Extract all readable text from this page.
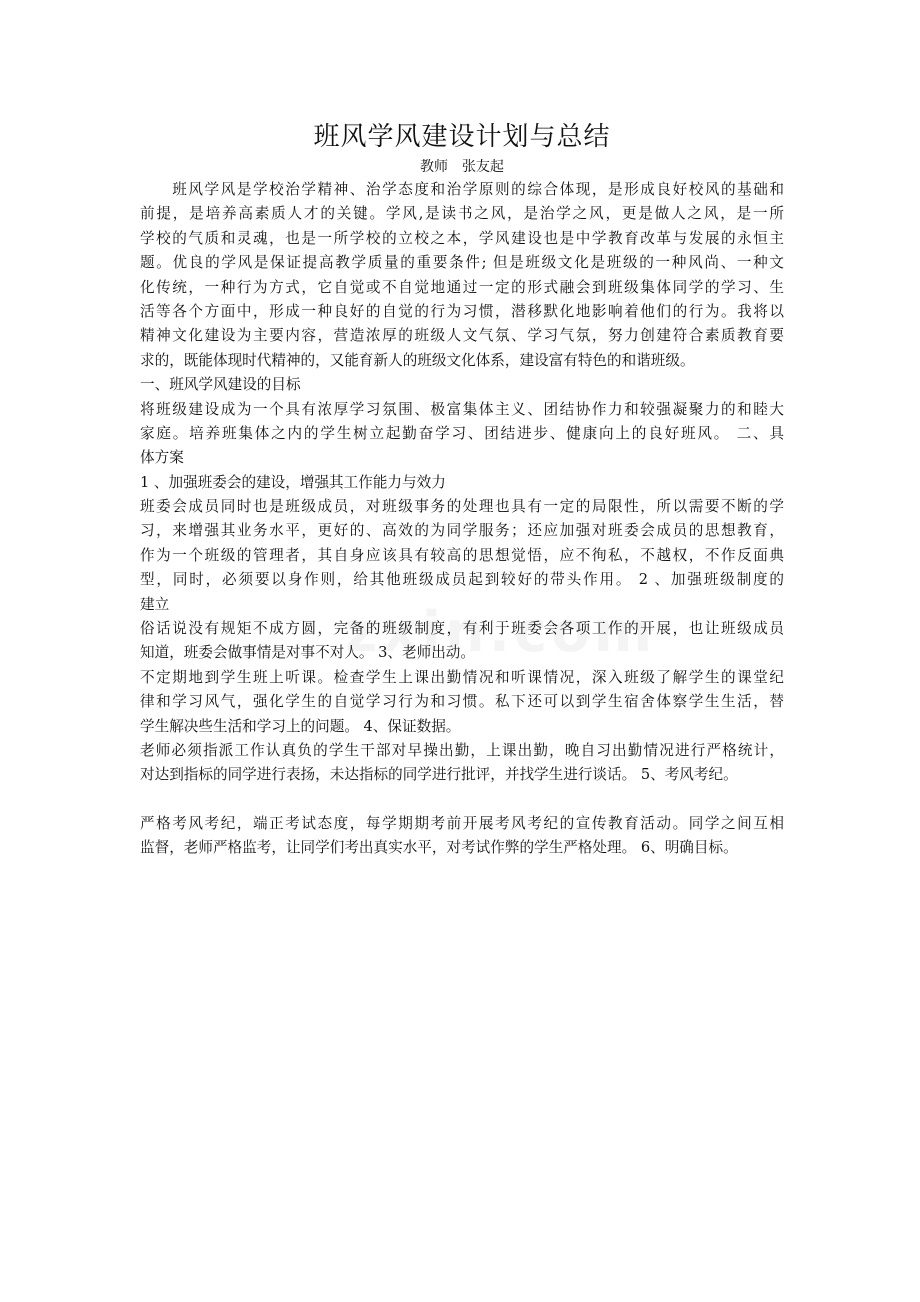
班风学风建设计划与总结
教师　张友起
　　班风学风是学校治学精神、治学态度和治学原则的综合体现，是形成良好校风的基础和
前提，是培养高素质人才的关键。学风,是读书之风，是治学之风，更是做人之风，是一所
学校的气质和灵魂，也是一所学校的立校之本，学风建设也是中学教育改革与发展的永恒主
题。优良的学风是保证提高教学质量的重要条件; 但是班级文化是班级的一种风尚、一种文
化传统，一种行为方式，它自觉或不自觉地通过一定的形式融会到班级集体同学的学习、生
活等各个方面中，形成一种良好的自觉的行为习惯，潜移默化地影响着他们的行为。我将以
精神文化建设为主要内容，营造浓厚的班级人文气氛、学习气氛，努力创建符合素质教育要
求的，既能体现时代精神的，又能育新人的班级文化体系，建设富有特色的和谐班级。
一、班风学风建设的目标
将班级建设成为一个具有浓厚学习氛围、极富集体主义、团结协作力和较强凝聚力的和睦大
家庭。培养班集体之内的学生树立起勤奋学习、团结进步、健康向上的良好班风。 二、具
体方案
1 、加强班委会的建设，增强其工作能力与效力
班委会成员同时也是班级成员，对班级事务的处理也具有一定的局限性，所以需要不断的学
习，来增强其业务水平，更好的、高效的为同学服务；还应加强对班委会成员的思想教育，
作为一个班级的管理者，其自身应该具有较高的思想觉悟，应不徇私，不越权，不作反面典
型，同时，必须要以身作则，给其他班级成员起到较好的带头作用。 2 、加强班级制度的
建立
俗话说没有规矩不成方圆，完备的班级制度，有利于班委会各项工作的开展，也让班级成员
知道，班委会做事情是对事不对人。 3、老师出动。
不定期地到学生班上听课。检查学生上课出勤情况和听课情况，深入班级了解学生的课堂纪
律和学习风气，强化学生的自觉学习行为和习惯。私下还可以到学生宿舍体察学生生活，替
学生解决些生活和学习上的问题。 4、保证数据。
老师必须指派工作认真负的学生干部对早操出勤，上课出勤，晚自习出勤情况进行严格统计，
对达到指标的同学进行表扬，未达指标的同学进行批评，并找学生进行谈话。 5、考风考纪。
严格考风考纪，端正考试态度，每学期期考前开展考风考纪的宣传教育活动。同学之间互相
监督，老师严格监考，让同学们考出真实水平，对考试作弊的学生严格处理。 6、明确目标。
